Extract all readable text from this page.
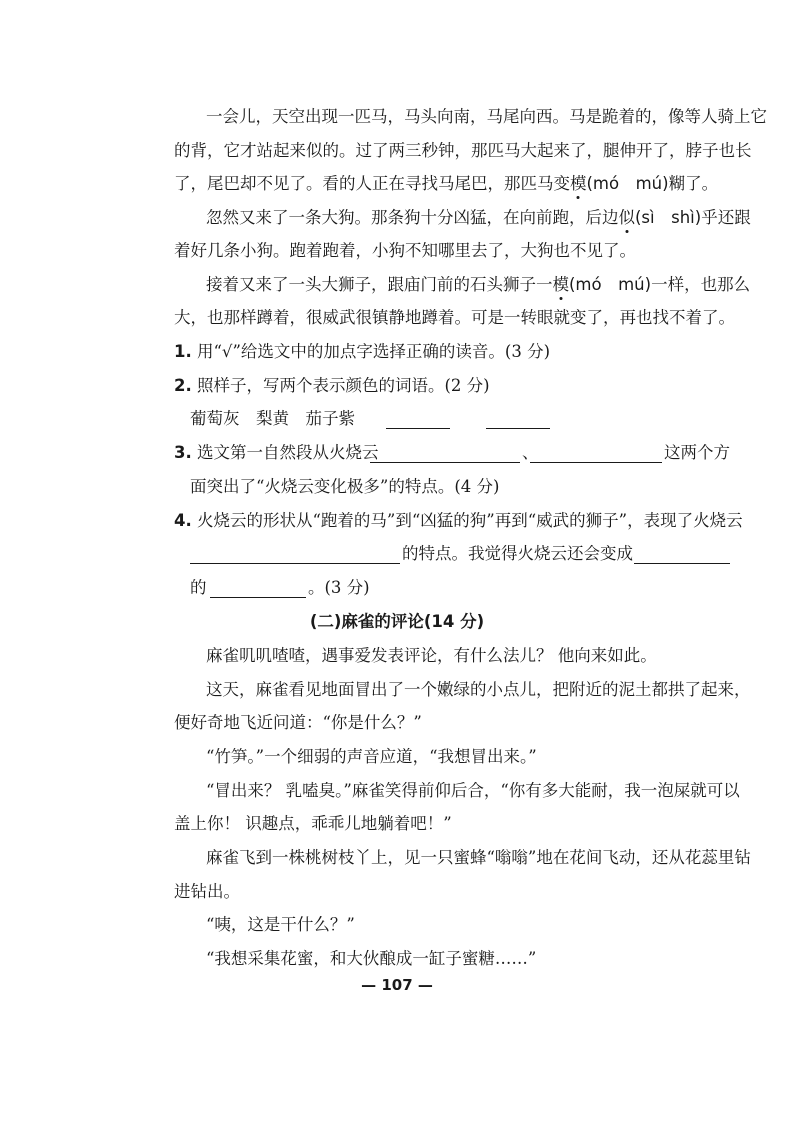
一会儿，天空出现一匹马，马头向南，马尾向西。马是跪着的，像等人骑上它
的背，它才站起来似的。过了两三秒钟，那匹马大起来了，腿伸开了，脖子也长
了，尾巴却不见了。看的人正在寻找马尾巴，那匹马变模(mó　mú)糊了。
忽然又来了一条大狗。那条狗十分凶猛，在向前跑，后边似(sì　shì)乎还跟
着好几条小狗。跑着跑着，小狗不知哪里去了，大狗也不见了。
接着又来了一头大狮子，跟庙门前的石头狮子一模(mó　mú)一样，也那么
大，也那样蹲着，很威武很镇静地蹲着。可是一转眼就变了，再也找不着了。
1. 用“√”给选文中的加点字选择正确的读音。(3 分)
2. 照样子，写两个表示颜色的词语。(2 分)
葡萄灰　梨黄　茄子紫
3. 选文第一自然段从火烧云	、	这两个方
面突出了“火烧云变化极多”的特点。(4 分)
4. 火烧云的形状从“跑着的马”到“凶猛的狗”再到“威武的狮子”，表现了火烧云
的特点。我觉得火烧云还会变成
的	。(3 分)
(二)麻雀的评论(14 分)
麻雀叽叽喳喳，遇事爱发表评论，有什么法儿？ 他向来如此。
这天，麻雀看见地面冒出了一个嫩绿的小点儿，把附近的泥土都拱了起来，
便好奇地飞近问道：“你是什么？”
“竹笋。”一个细弱的声音应道，“我想冒出来。”
“冒出来？ 乳嗑臭。”麻雀笑得前仰后合，“你有多大能耐，我一泡屎就可以
盖上你！ 识趣点，乖乖儿地躺着吧！”
麻雀飞到一株桃树枝丫上，见一只蜜蜂“嗡嗡”地在花间飞动，还从花蕊里钻
进钻出。
“咦，这是干什么？”
“我想采集花蜜，和大伙酿成一缸子蜜糖……”
— 107 —
